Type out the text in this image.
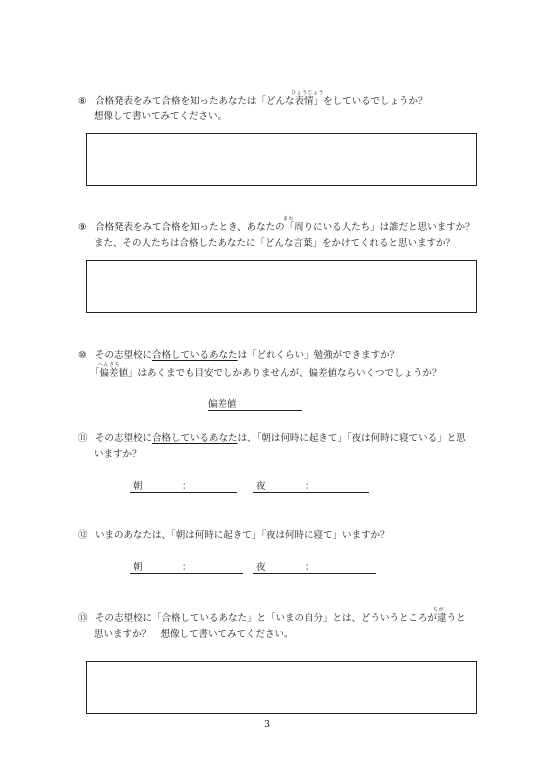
ひょうじょう
⑧ 合格発表をみて合格を知ったあなたは「どんな表情」をしているでしょうか？
想像して書いてみてください。
まわ
⑨ 合格発表をみて合格を知ったとき、あなたの「周りにいる人たち」は誰だと思いますか？
また、その人たちは合格したあなたに「どんな言葉」をかけてくれると思いますか？
⑩ その志望校に合格しているあなたは「どれくらい」勉強ができますか？
へんさち
「偏差値」はあくまでも目安でしかありませんが、偏差値ならいくつでしょうか？
偏差値
⑪ その志望校に合格しているあなたは、「朝は何時に起きて」「夜は何時に寝ている」と思
いますか？
朝	：	夜	：
⑫ いまのあなたは、「朝は何時に起きて」「夜は何時に寝て」いますか？
朝	：	夜	：
ちが
⑬ その志望校に「合格しているあなた」と「いまの自分」とは、どういうところが違うと
思いますか？　想像して書いてみてください。
3
